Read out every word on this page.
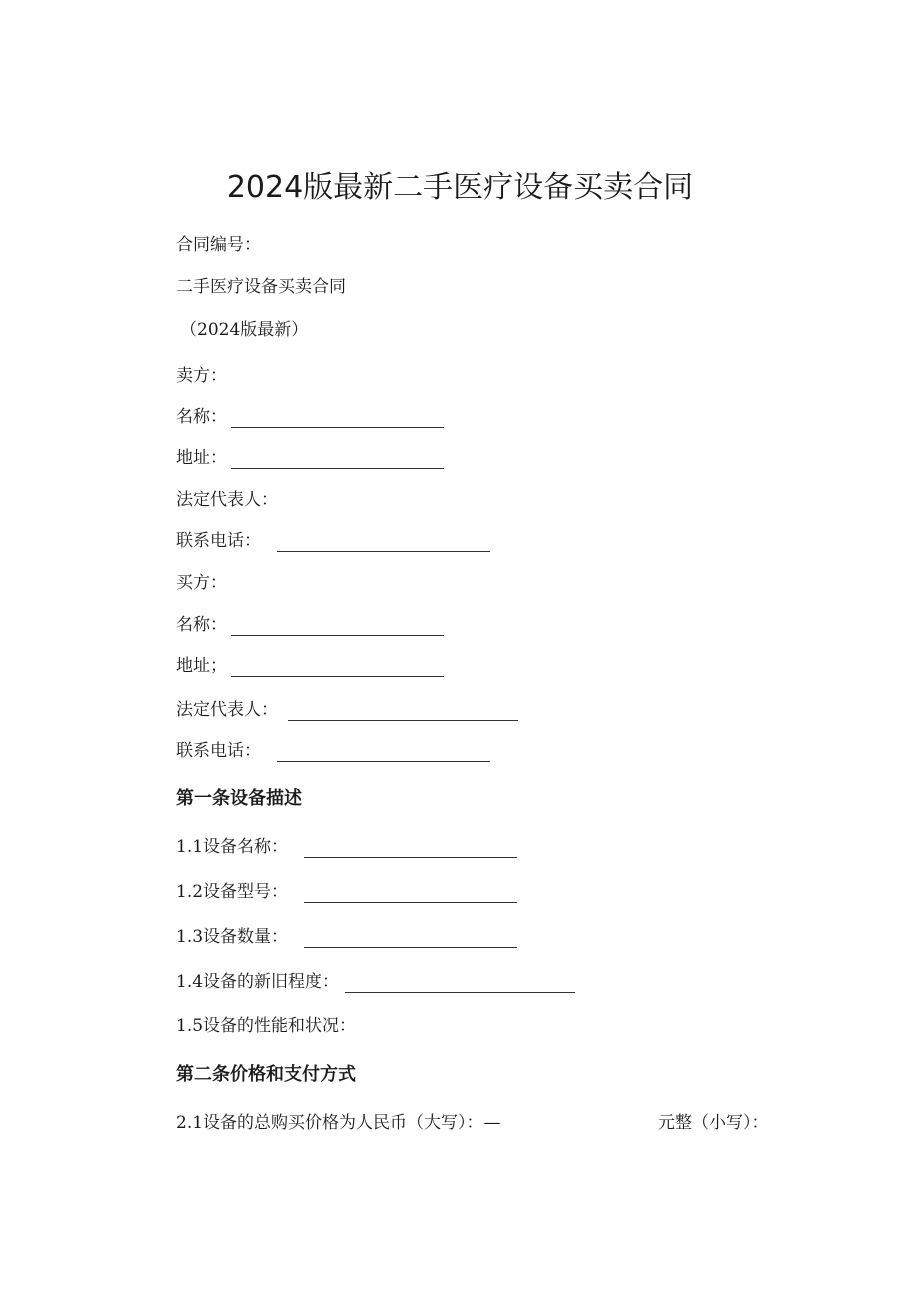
2024版最新二手医疗设备买卖合同
合同编号：
二手医疗设备买卖合同
（2024版最新）
卖方：
名称：
地址：
法定代表人：
联系电话：
买方：
名称：
地址；
法定代表人：
联系电话：
第一条设备描述
1.1设备名称：
1.2设备型号：
1.3设备数量：
1.4设备的新旧程度：
1.5设备的性能和状况：
第二条价格和支付方式
2.1设备的总购买价格为人民币（大写）：—	元整（小写）：
